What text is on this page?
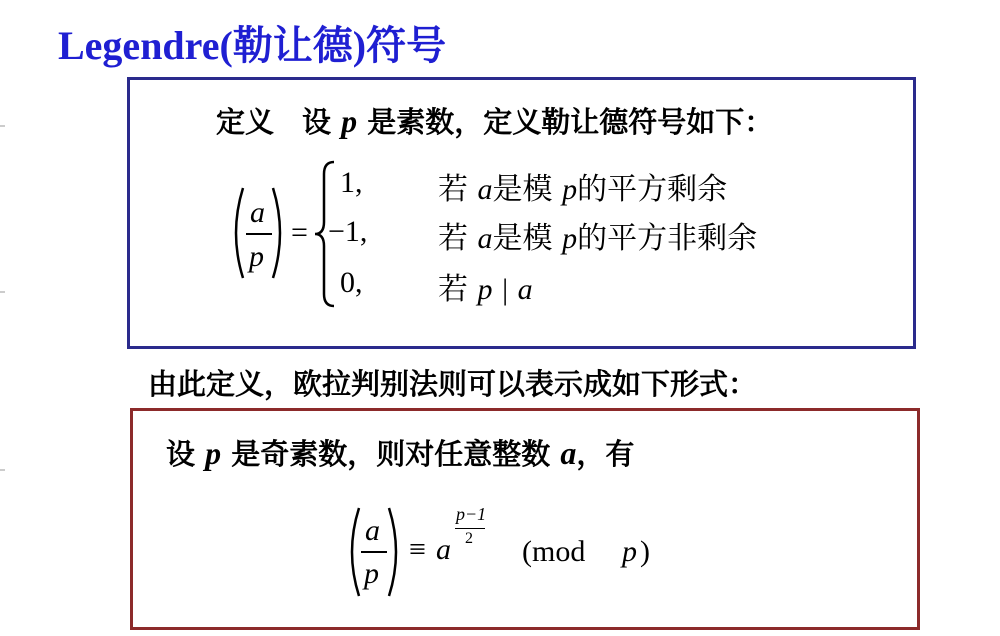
Legendre(勒让德)符号
定义 设 p 是素数，定义勒让德符号如下：
a
p
=
1,	若 a是模 p的平方剩余
−1, 若 a是模 p的平方非剩余
0,	若 p | a
由此定义，欧拉判别法则可以表示成如下形式：
设 p 是奇素数，则对任意整数 a，有
a
p
≡ a
p−1
2 (mod p )
